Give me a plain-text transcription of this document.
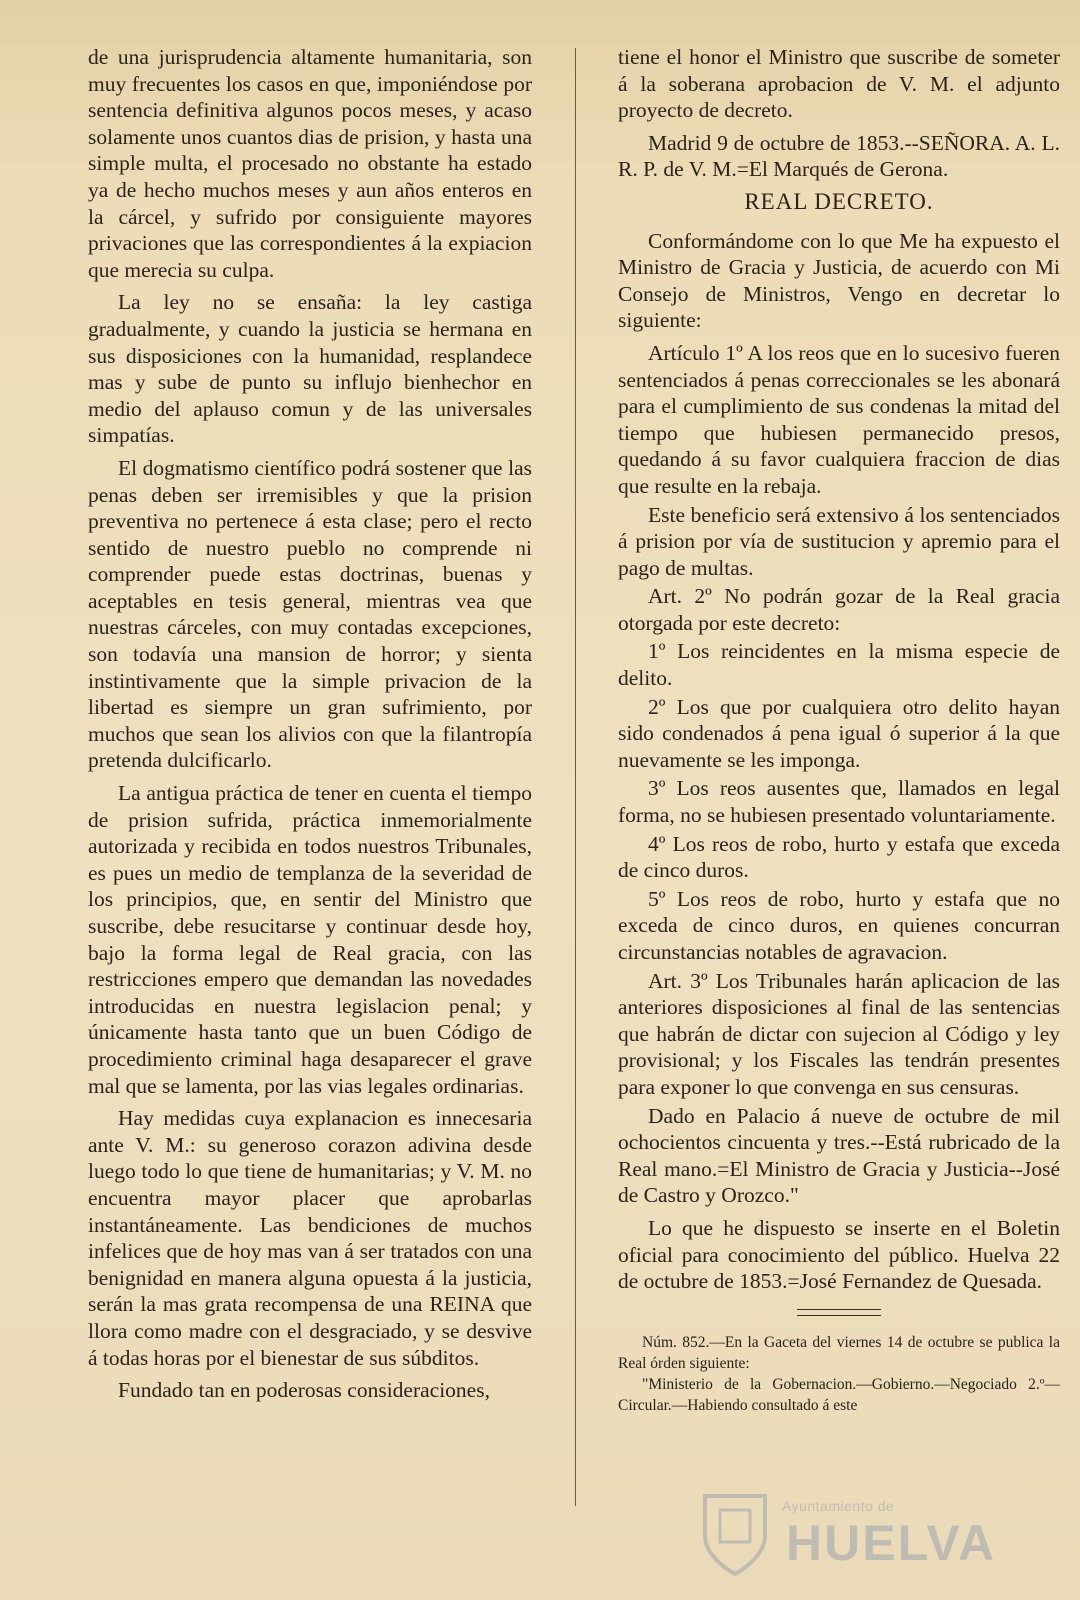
de una jurisprudencia altamente humanitaria, son muy frecuentes los casos en que, imponiéndose por sentencia definitiva algunos pocos meses, y acaso solamente unos cuantos dias de prision, y hasta una simple multa, el procesado no obstante ha estado ya de hecho muchos meses y aun años enteros en la cárcel, y sufrido por consiguiente mayores privaciones que las correspondientes á la expiacion que merecia su culpa.

La ley no se ensaña: la ley castiga gradualmente, y cuando la justicia se hermana en sus disposiciones con la humanidad, resplandece mas y sube de punto su influjo bienhechor en medio del aplauso comun y de las universales simpatías.

El dogmatismo científico podrá sostener que las penas deben ser irremisibles y que la prision preventiva no pertenece á esta clase; pero el recto sentido de nuestro pueblo no comprende ni comprender puede estas doctrinas, buenas y aceptables en tesis general, mientras vea que nuestras cárceles, con muy contadas excepciones, son todavía una mansion de horror; y sienta instintivamente que la simple privacion de la libertad es siempre un gran sufrimiento, por muchos que sean los alivios con que la filantropía pretenda dulcificarlo.

La antigua práctica de tener en cuenta el tiempo de prision sufrida, práctica inmemorialmente autorizada y recibida en todos nuestros Tribunales, es pues un medio de templanza de la severidad de los principios, que, en sentir del Ministro que suscribe, debe resucitarse y continuar desde hoy, bajo la forma legal de Real gracia, con las restricciones empero que demandan las novedades introducidas en nuestra legislacion penal; y únicamente hasta tanto que un buen Código de procedimiento criminal haga desaparecer el grave mal que se lamenta, por las vias legales ordinarias.

Hay medidas cuya explanacion es innecesaria ante V. M.: su generoso corazon adivina desde luego todo lo que tiene de humanitarias; y V. M. no encuentra mayor placer que aprobarlas instantáneamente. Las bendiciones de muchos infelices que de hoy mas van á ser tratados con una benignidad en manera alguna opuesta á la justicia, serán la mas grata recompensa de una REINA que llora como madre con el desgraciado, y se desvive á todas horas por el bienestar de sus súbditos.

Fundado tan en poderosas consideraciones,

tiene el honor el Ministro que suscribe de someter á la soberana aprobacion de V. M. el adjunto proyecto de decreto.

Madrid 9 de octubre de 1853.--SEÑORA. A. L. R. P. de V. M.=El Marqués de Gerona.

REAL DECRETO.

Conformándome con lo que Me ha expuesto el Ministro de Gracia y Justicia, de acuerdo con Mi Consejo de Ministros, Vengo en decretar lo siguiente:

Artículo 1º A los reos que en lo sucesivo fueren sentenciados á penas correccionales se les abonará para el cumplimiento de sus condenas la mitad del tiempo que hubiesen permanecido presos, quedando á su favor cualquiera fraccion de dias que resulte en la rebaja.

Este beneficio será extensivo á los sentenciados á prision por vía de sustitucion y apremio para el pago de multas.

Art. 2º No podrán gozar de la Real gracia otorgada por este decreto:

1º Los reincidentes en la misma especie de delito.

2º Los que por cualquiera otro delito hayan sido condenados á pena igual ó superior á la que nuevamente se les imponga.

3º Los reos ausentes que, llamados en legal forma, no se hubiesen presentado voluntariamente.

4º Los reos de robo, hurto y estafa que exceda de cinco duros.

5º Los reos de robo, hurto y estafa que no exceda de cinco duros, en quienes concurran circunstancias notables de agravacion.

Art. 3º Los Tribunales harán aplicacion de las anteriores disposiciones al final de las sentencias que habrán de dictar con sujecion al Código y ley provisional; y los Fiscales las tendrán presentes para exponer lo que convenga en sus censuras.

Dado en Palacio á nueve de octubre de mil ochocientos cincuenta y tres.--Está rubricado de la Real mano.=El Ministro de Gracia y Justicia--José de Castro y Orozco."

Lo que he dispuesto se inserte en el Boletin oficial para conocimiento del público. Huelva 22 de octubre de 1853.=José Fernandez de Quesada.

Núm. 852.—En la Gaceta del viernes 14 de octubre se publica la Real órden siguiente:

"Ministerio de la Gobernacion.—Gobierno.—Negociado 2.º—Circular.—Habiendo consultado á este

Ayuntamiento de
HUELVA
